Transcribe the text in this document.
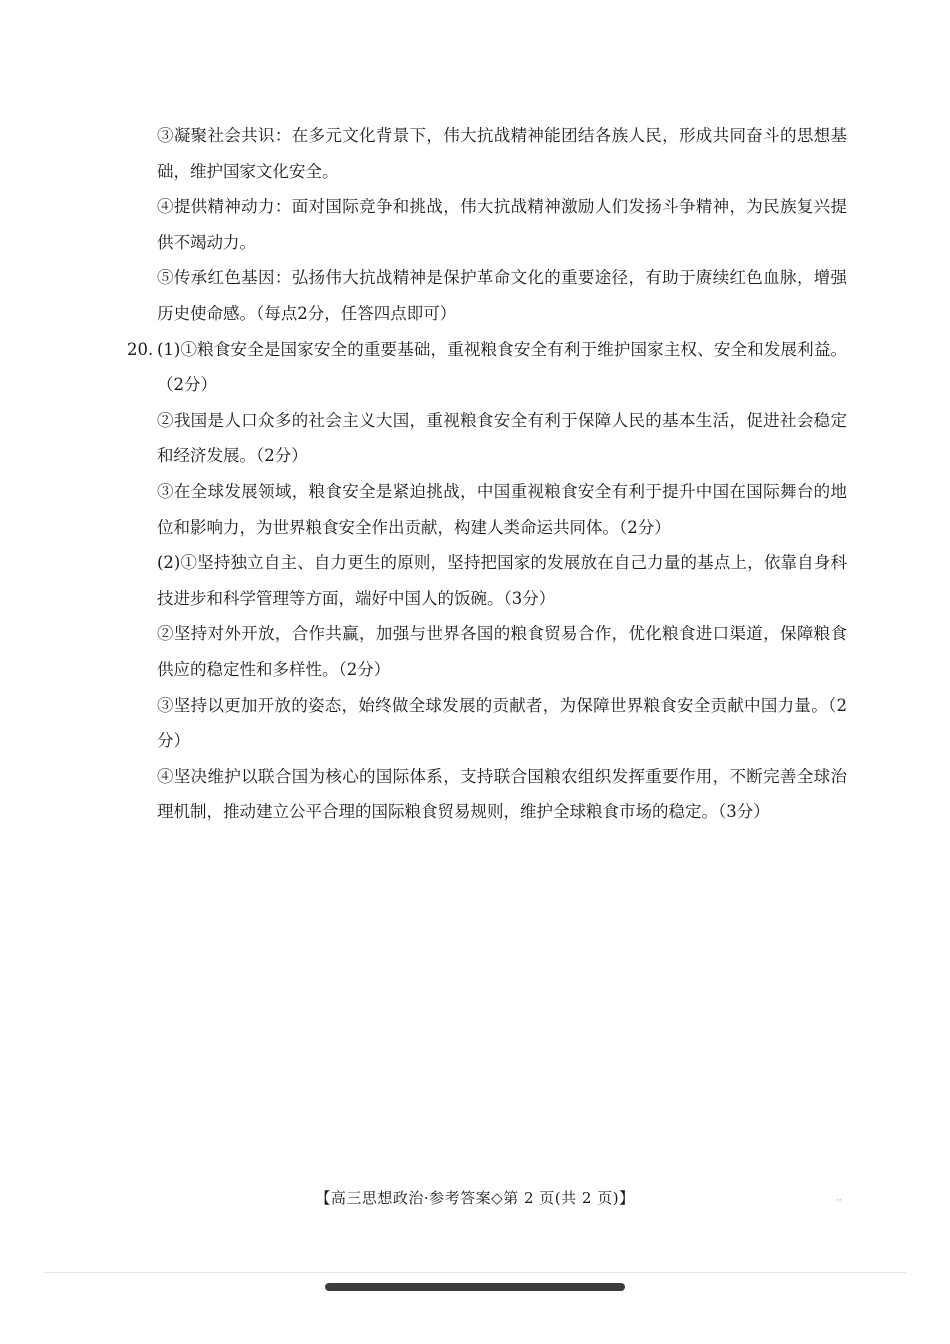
③凝聚社会共识：在多元文化背景下，伟大抗战精神能团结各族人民，形成共同奋斗的思想基础，维护国家文化安全。

④提供精神动力：面对国际竞争和挑战，伟大抗战精神激励人们发扬斗争精神，为民族复兴提供不竭动力。

⑤传承红色基因：弘扬伟大抗战精神是保护革命文化的重要途径，有助于赓续红色血脉，增强历史使命感。（每点2分，任答四点即可）

20. (1)①粮食安全是国家安全的重要基础，重视粮食安全有利于维护国家主权、安全和发展利益。（2分）

②我国是人口众多的社会主义大国，重视粮食安全有利于保障人民的基本生活，促进社会稳定和经济发展。（2分）

③在全球发展领域，粮食安全是紧迫挑战，中国重视粮食安全有利于提升中国在国际舞台的地位和影响力，为世界粮食安全作出贡献，构建人类命运共同体。（2分）

(2)①坚持独立自主、自力更生的原则，坚持把国家的发展放在自己力量的基点上，依靠自身科技进步和科学管理等方面，端好中国人的饭碗。（3分）

②坚持对外开放，合作共赢，加强与世界各国的粮食贸易合作，优化粮食进口渠道，保障粮食供应的稳定性和多样性。（2分）

③坚持以更加开放的姿态，始终做全球发展的贡献者，为保障世界粮食安全贡献中国力量。（2分）

④坚决维护以联合国为核心的国际体系，支持联合国粮农组织发挥重要作用，不断完善全球治理机制，推动建立公平合理的国际粮食贸易规则，维护全球粮食市场的稳定。（3分）

【高三思想政治·参考答案◇第 2 页(共 2 页)】	··
